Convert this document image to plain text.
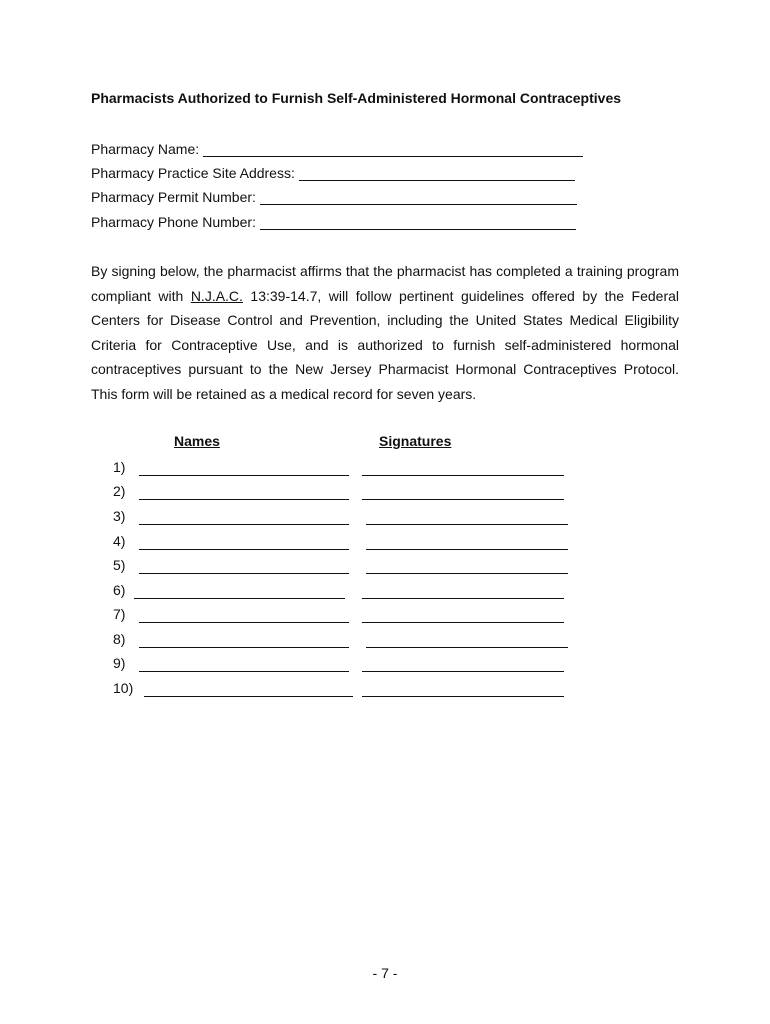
Pharmacists Authorized to Furnish Self-Administered Hormonal Contraceptives
Pharmacy Name:
Pharmacy Practice Site Address:
Pharmacy Permit Number:
Pharmacy Phone Number:
By signing below, the pharmacist affirms that the pharmacist has completed a training program compliant with N.J.A.C. 13:39-14.7, will follow pertinent guidelines offered by the Federal Centers for Disease Control and Prevention, including the United States Medical Eligibility Criteria for Contraceptive Use, and is authorized to furnish self-administered hormonal contraceptives pursuant to the New Jersey Pharmacist Hormonal Contraceptives Protocol. This form will be retained as a medical record for seven years.
Names	Signatures
1)
2)
3)
4)
5)
6)
7)
8)
9)
10)
- 7 -
